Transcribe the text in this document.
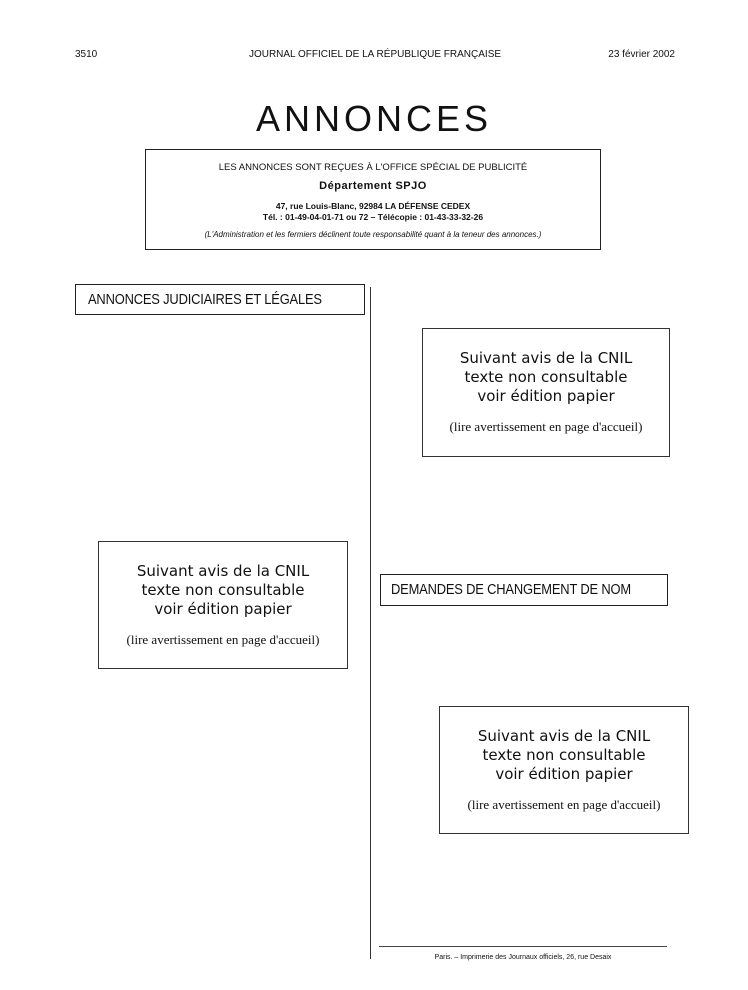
3510	JOURNAL OFFICIEL DE LA RÉPUBLIQUE FRANÇAISE	23 février 2002
ANNONCES
LES ANNONCES SONT REÇUES À L'OFFICE SPÉCIAL DE PUBLICITÉ
Département SPJO
47, rue Louis-Blanc, 92984 LA DÉFENSE CEDEX
Tél. : 01-49-04-01-71 ou 72 – Télécopie : 01-43-33-32-26
(L'Administration et les fermiers déclinent toute responsabilité quant à la teneur des annonces.)
ANNONCES JUDICIAIRES ET LÉGALES
Suivant avis de la CNIL
texte non consultable
voir édition papier
(lire avertissement en page d'accueil)
Suivant avis de la CNIL
texte non consultable
voir édition papier
(lire avertissement en page d'accueil)
DEMANDES DE CHANGEMENT DE NOM
Suivant avis de la CNIL
texte non consultable
voir édition papier
(lire avertissement en page d'accueil)
Paris. – Imprimerie des Journaux officiels, 26, rue Desaix
